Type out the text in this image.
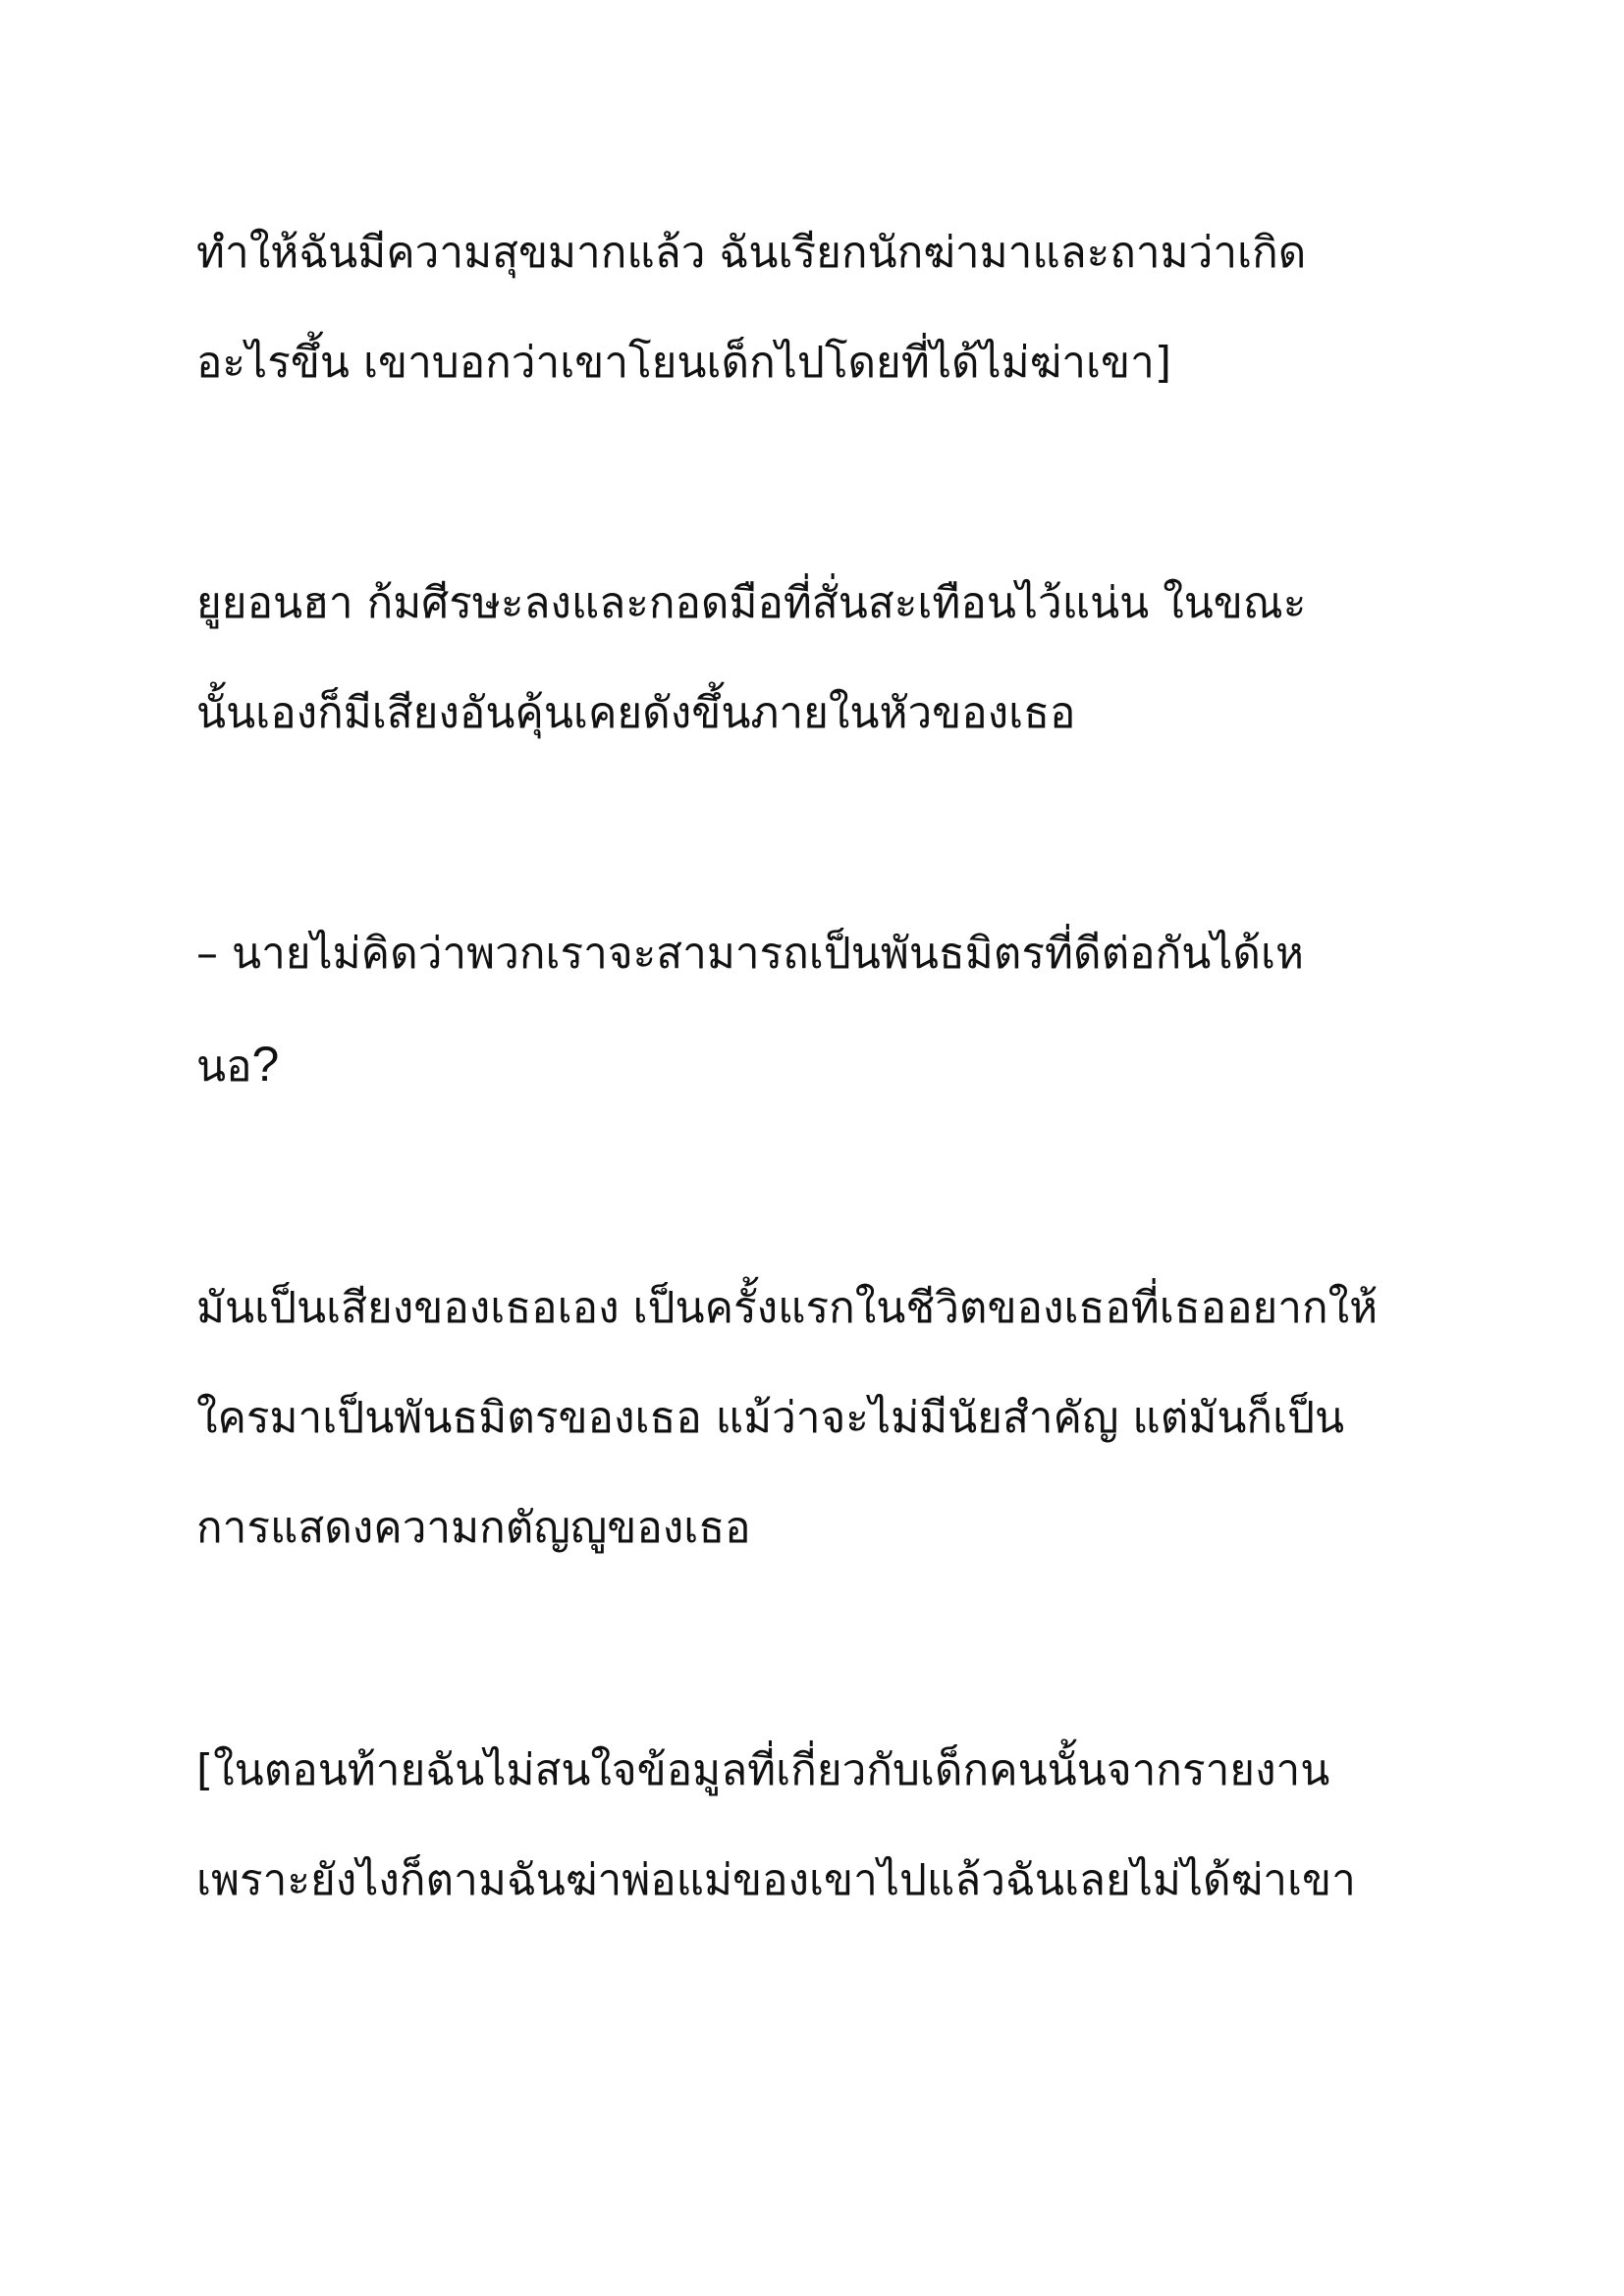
ทำให้ฉันมีความสุขมากแล้ว ฉันเรียกนักฆ่ามาและถามว่าเกิด
อะไรขึ้น เขาบอกว่าเขาโยนเด็กไปโดยที่ได้ไม่ฆ่าเขา]
ยูยอนฮา ก้มศีรษะลงและกอดมือที่สั่นสะเทือนไว้แน่น ในขณะ
นั้นเองก็มีเสียงอันคุ้นเคยดังขึ้นภายในหัวของเธอ
– นายไม่คิดว่าพวกเราจะสามารถเป็นพันธมิตรที่ดีต่อกันได้เห
นอ?
มันเป็นเสียงของเธอเอง เป็นครั้งแรกในชีวิตของเธอที่เธออยากให้
ใครมาเป็นพันธมิตรของเธอ แม้ว่าจะไม่มีนัยสำคัญ แต่มันก็เป็น
การแสดงความกตัญญูของเธอ
[ในตอนท้ายฉันไม่สนใจข้อมูลที่เกี่ยวกับเด็กคนนั้นจากรายงาน
เพราะยังไงก็ตามฉันฆ่าพ่อแม่ของเขาไปแล้วฉันเลยไม่ได้ฆ่าเขา
